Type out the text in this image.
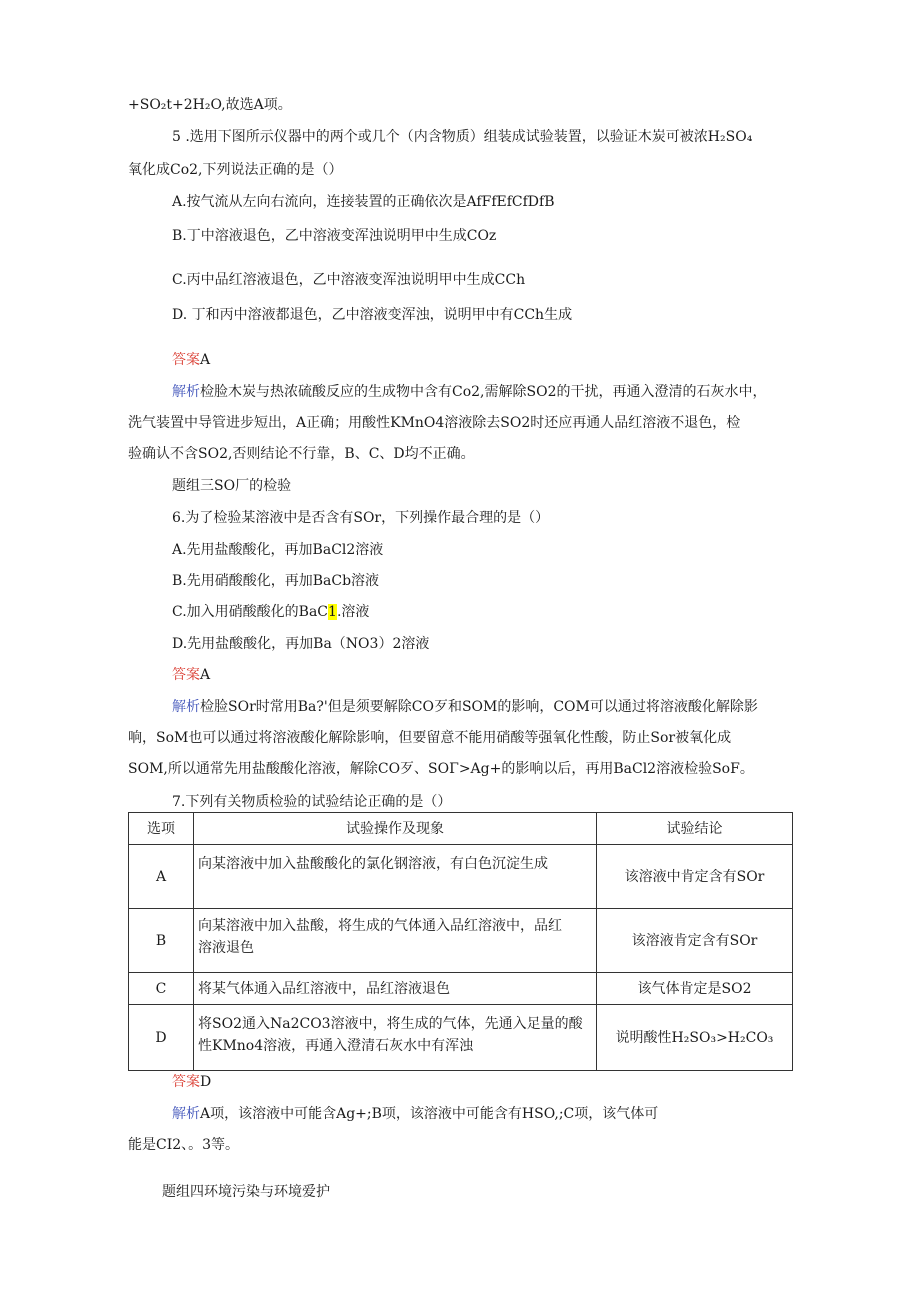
+SO₂t+2H₂O,故选A项。
5 .选用下图所示仪器中的两个或几个（内含物质）组装成试验装置，以验证木炭可被浓H₂SO₄
氧化成Co2,下列说法正确的是（）
A.按气流从左向右流向，连接装置的正确依次是AfFfEfCfDfB
B.丁中溶液退色，乙中溶液变浑浊说明甲中生成COz
C.丙中品红溶液退色，乙中溶液变浑浊说明甲中生成CCh
D. 丁和丙中溶液都退色，乙中溶液变浑浊，说明甲中有CCh生成
答案A
解析检脸木炭与热浓硫酸反应的生成物中含有Co2,需解除SO2的干扰，再通入澄清的石灰水中，
洗气装置中导管进步短出，A正确；用酸性KMnO4溶液除去SO2时还应再通人品红溶液不退色，检
验确认不含SO2,否则结论不行靠，B、C、D均不正确。
题组三SO厂的检验
6.为了检验某溶液中是否含有SOr，下列操作最合理的是（）
A.先用盐酸酸化，再加BaCl2溶液
B.先用硝酸酸化，再加BaCb溶液
C.加入用硝酸酸化的BaC1.溶液
D.先用盐酸酸化，再加Ba（NO3）2溶液
答案A
解析检脸SOr时常用Ba?'但是须要解除CO歹和SOM的影响，COM可以通过将溶液酸化解除影
响，SoM也可以通过将溶液酸化解除影响，但要留意不能用硝酸等强氧化性酸，防止Sor被氧化成
SOM,所以通常先用盐酸酸化溶液，解除CO歹、SOΓ>Ag+的影响以后，再用BaCl2溶液检验SoF。
7.下列有关物质检验的试验结论正确的是（）
选项	试验操作及现象	试验结论
A	向某溶液中加入盐酸酸化的氯化钢溶液，有白色沉淀生成	该溶液中肯定含有SOr
B	向某溶液中加入盐酸，将生成的气体通入品红溶液中，品红
溶液退色	该溶液肯定含有SOr
C	将某气体通入品红溶液中，品红溶液退色	该气体肯定是SO2
D	将SO2通入Na2CO3溶液中，将生成的气体，先通入足量的酸
性KMno4溶液，再通入澄清石灰水中有浑浊	说明酸性H₂SO₃>H₂CO₃
答案D
解析A项，该溶液中可能含Ag+;B项，该溶液中可能含有HSO,;C项，该气体可
能是CI2、。3等。
题组四环境污染与环境爱护
